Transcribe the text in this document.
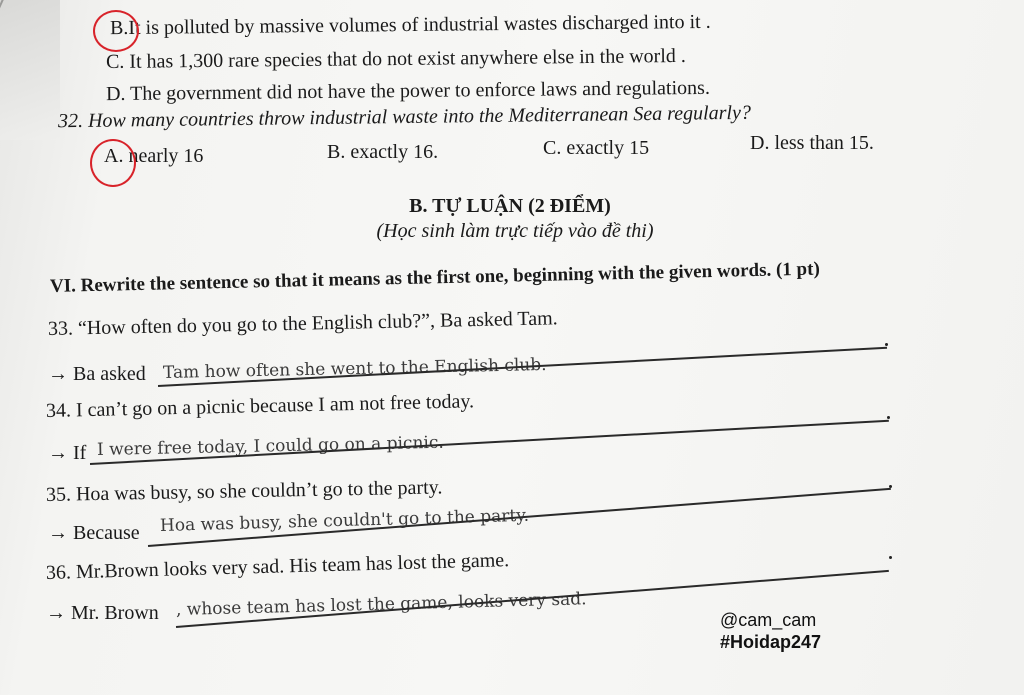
B.It is polluted by massive volumes of industrial wastes discharged into it .
C. It has 1,300 rare species that do not exist anywhere else in the world .
D. The government did not have the power to enforce laws and regulations.
32. How many countries throw industrial waste into the Mediterranean Sea regularly?
A. nearly 16	B. exactly 16.	C. exactly 15	D. less than 15.
B. TỰ LUẬN (2 ĐIỂM)
(Học sinh làm trực tiếp vào đề thi)
VI. Rewrite the sentence so that it means as the first one, beginning with the given words. (1 pt)
33. “How often do you go to the English club?”, Ba asked Tam.
→ Ba asked Tam how often she went to the English club.
34. I can’t go on a picnic because I am not free today.
→ If I were free today, I could go on a picnic.
35. Hoa was busy, so she couldn’t go to the party.
→ Because Hoa was busy, she couldn't go to the party.
36. Mr.Brown looks very sad. His team has lost the game.
→ Mr. Brown , whose team has lost the game, looks very sad.
@cam_cam
#Hoidap247
